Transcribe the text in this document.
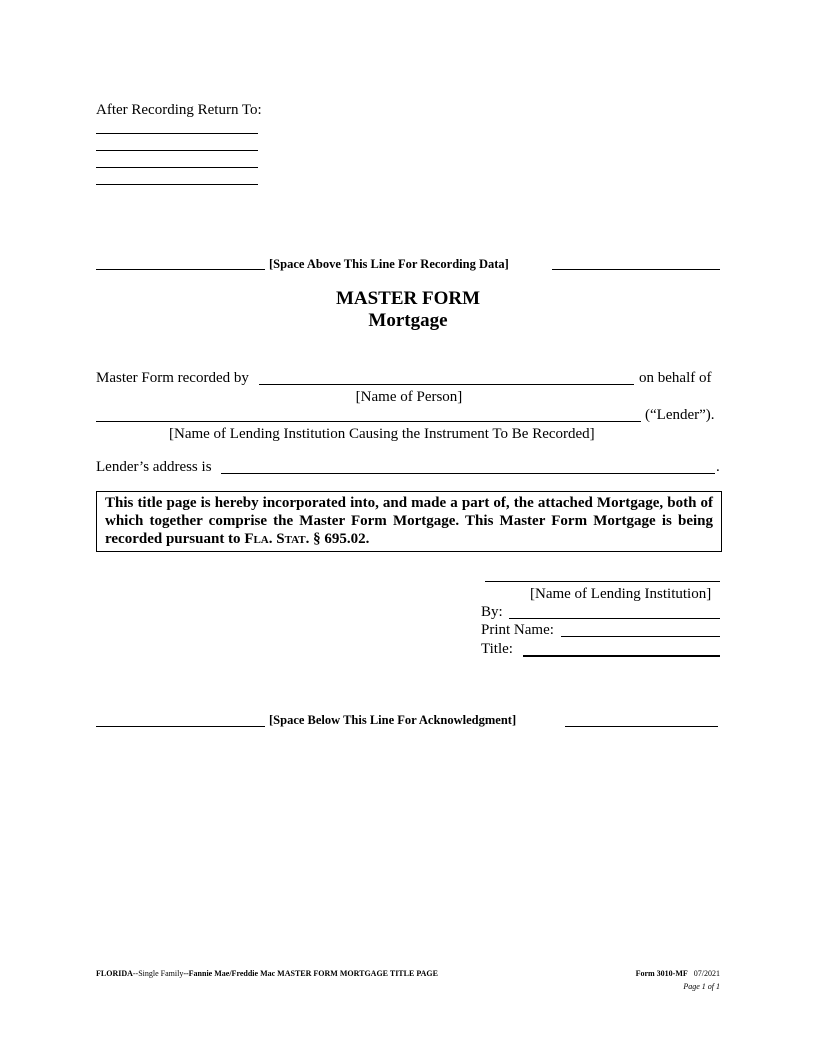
After Recording Return To:
[Space Above This Line For Recording Data]
MASTER FORM
Mortgage
Master Form recorded by	on behalf of
[Name of Person]
(“Lender”).
[Name of Lending Institution Causing the Instrument To Be Recorded]
Lender’s address is	.
This title page is hereby incorporated into, and made a part of, the attached Mortgage, both of which together comprise the Master Form Mortgage. This Master Form Mortgage is being recorded pursuant to Fla. Stat. § 695.02.
[Name of Lending Institution]
By:
Print Name:
Title:
[Space Below This Line For Acknowledgment]
FLORIDA--Single Family--Fannie Mae/Freddie Mac MASTER FORM MORTGAGE TITLE PAGE	Form 3010-MF 07/2021
Page 1 of 1
